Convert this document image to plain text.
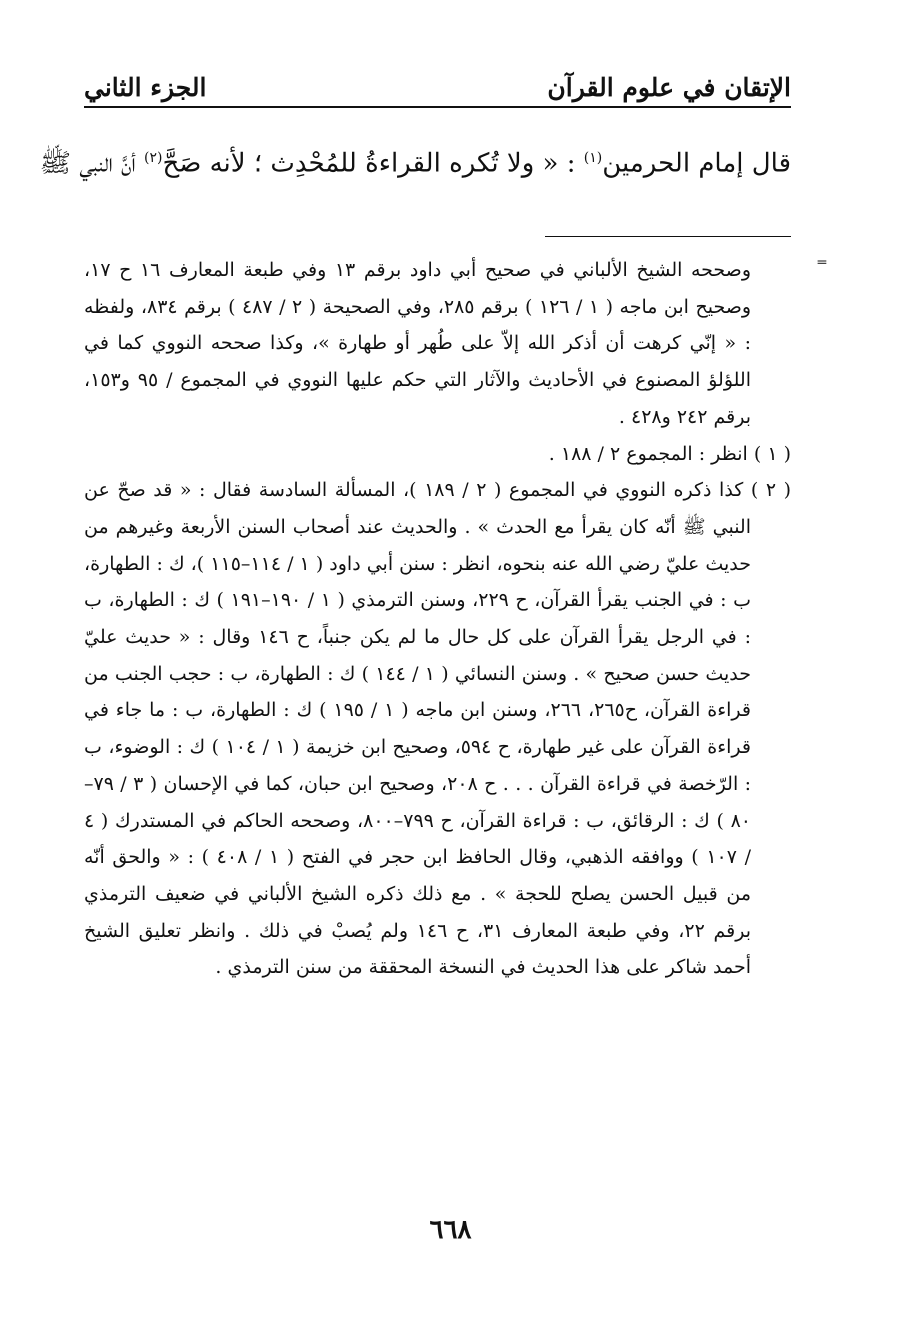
الإتقان في علوم القرآن
الجزء الثاني
قال إمام الحرمين$^{(١)}$ : « ولا تُكره القراءةُ للمُحْدِث ؛ لأنه صَحَّ$^{(٢)}$ أنَّ النبي ﷺ
═

وصححه الشيخ الألباني في صحيح أبي داود برقم ١٣ وفي طبعة المعارف ١٦ ح ١٧، وصحيح ابن ماجه ( ١ / ١٢٦ ) برقم ٢٨٥، وفي الصحيحة ( ٢ / ٤٨٧ ) برقم ٨٣٤، ولفظه : « إنّي كرهت أن أذكر الله إلاّ على طُهر أو طهارة »، وكذا صححه النووي كما في اللؤلؤ المصنوع في الأحاديث والآثار التي حكم عليها النووي في المجموع / ٩٥ و١٥٣، برقم ٢٤٢ و٤٢٨ .

( ١ ) انظر : المجموع ٢ / ١٨٨ .

( ٢ ) كذا ذكره النووي في المجموع ( ٢ / ١٨٩ )، المسألة السادسة فقال : « قد صحّ عن النبي ﷺ أنّه كان يقرأ مع الحدث » . والحديث عند أصحاب السنن الأربعة وغيرهم من حديث عليّ رضي الله عنه بنحوه، انظر : سنن أبي داود ( ١ / ١١٤–١١٥ )، ك : الطهارة، ب : في الجنب يقرأ القرآن، ح ٢٢٩، وسنن الترمذي ( ١ / ١٩٠–١٩١ ) ك : الطهارة، ب : في الرجل يقرأ القرآن على كل حال ما لم يكن جنباً، ح ١٤٦ وقال : « حديث عليّ حديث حسن صحيح » . وسنن النسائي ( ١ / ١٤٤ ) ك : الطهارة، ب : حجب الجنب من قراءة القرآن، ح٢٦٥، ٢٦٦، وسنن ابن ماجه ( ١ / ١٩٥ ) ك : الطهارة، ب : ما جاء في قراءة القرآن على غير طهارة، ح ٥٩٤، وصحيح ابن خزيمة ( ١ / ١٠٤ ) ك : الوضوء، ب : الرّخصة في قراءة القرآن . . . ح ٢٠٨، وصحيح ابن حبان، كما في الإحسان ( ٣ / ٧٩–٨٠ ) ك : الرقائق، ب : قراءة القرآن، ح ٧٩٩–٨٠٠، وصححه الحاكم في المستدرك ( ٤ / ١٠٧ ) ووافقه الذهبي، وقال الحافظ ابن حجر في الفتح ( ١ / ٤٠٨ ) : « والحق أنّه من قبيل الحسن يصلح للحجة » . مع ذلك ذكره الشيخ الألباني في ضعيف الترمذي برقم ٢٢، وفي طبعة المعارف ٣١، ح ١٤٦ ولم يُصبْ في ذلك . وانظر تعليق الشيخ أحمد شاكر على هذا الحديث في النسخة المحققة من سنن الترمذي .

٦٦٨
